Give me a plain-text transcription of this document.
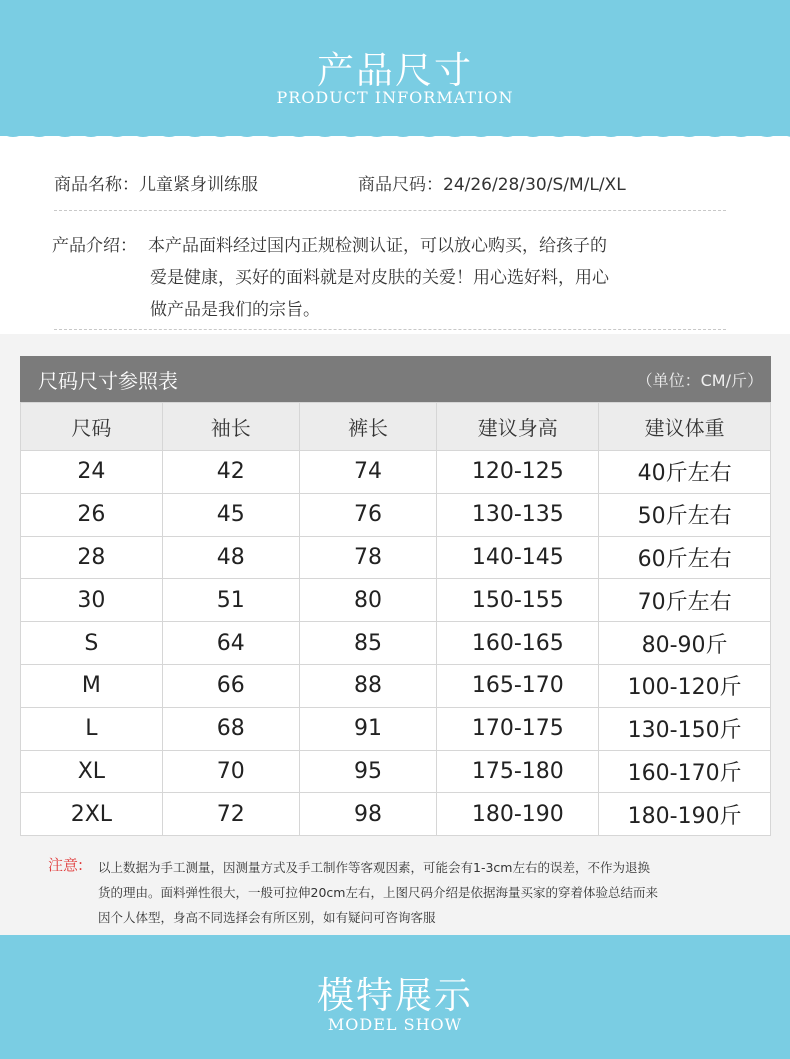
产品尺寸
PRODUCT INFORMATION
商品名称：儿童紧身训练服	商品尺码：24/26/28/30/S/M/L/XL
产品介绍： 本产品面料经过国内正规检测认证，可以放心购买，给孩子的
爱是健康，买好的面料就是对皮肤的关爱！用心选好料，用心
做产品是我们的宗旨。
尺码尺寸参照表	（单位：CM/斤）
尺码	袖长	裤长	建议身高	建议体重
24	42	74	120-125	40斤左右
26	45	76	130-135	50斤左右
28	48	78	140-145	60斤左右
30	51	80	150-155	70斤左右
S	64	85	160-165	80-90斤
M	66	88	165-170	100-120斤
L	68	91	170-175	130-150斤
XL	70	95	175-180	160-170斤
2XL	72	98	180-190	180-190斤
注意: 以上数据为手工测量，因测量方式及手工制作等客观因素，可能会有1-3cm左右的误差，不作为退换
货的理由。面料弹性很大，一般可拉伸20cm左右，上图尺码介绍是依据海量买家的穿着体验总结而来
因个人体型，身高不同选择会有所区别，如有疑问可咨询客服
模特展示
MODEL SHOW
